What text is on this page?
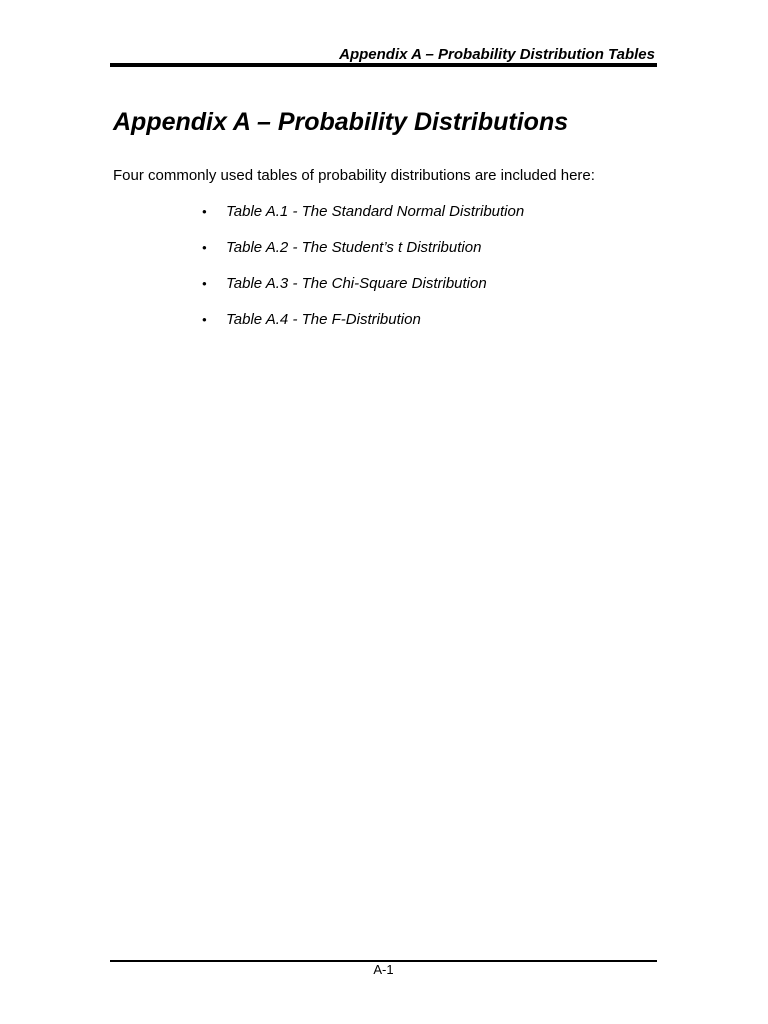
Appendix A – Probability Distribution Tables
Appendix A – Probability Distributions

Four commonly used tables of probability distributions are included here:

• Table A.1 - The Standard Normal Distribution
• Table A.2 - The Student’s t Distribution
• Table A.3 - The Chi-Square Distribution
• Table A.4 - The F-Distribution
A-1
